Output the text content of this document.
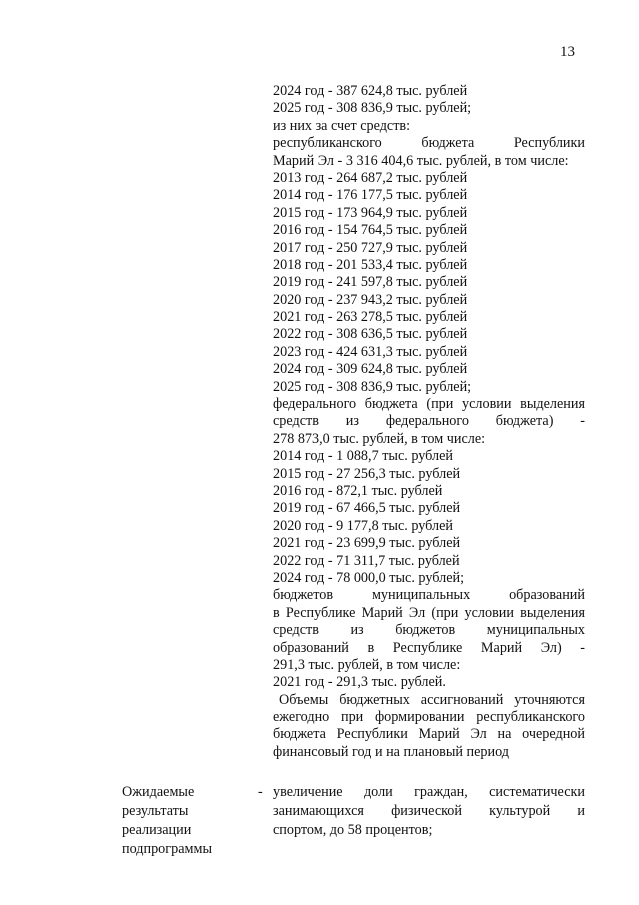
13
2024 год - 387 624,8 тыс. рублей
2025 год - 308 836,9 тыс. рублей;
из них за счет средств:
республиканского бюджета Республики
Марий Эл - 3 316 404,6 тыс. рублей, в том числе:
2013 год - 264 687,2 тыс. рублей
2014 год - 176 177,5 тыс. рублей
2015 год - 173 964,9 тыс. рублей
2016 год - 154 764,5 тыс. рублей
2017 год - 250 727,9 тыс. рублей
2018 год - 201 533,4 тыс. рублей
2019 год - 241 597,8 тыс. рублей
2020 год - 237 943,2 тыс. рублей
2021 год - 263 278,5 тыс. рублей
2022 год - 308 636,5 тыс. рублей
2023 год - 424 631,3 тыс. рублей
2024 год - 309 624,8 тыс. рублей
2025 год - 308 836,9 тыс. рублей;
федерального бюджета (при условии выделения
средств из федерального бюджета) -
278 873,0 тыс. рублей, в том числе:
2014 год - 1 088,7 тыс. рублей
2015 год - 27 256,3 тыс. рублей
2016 год - 872,1 тыс. рублей
2019 год - 67 466,5 тыс. рублей
2020 год - 9 177,8 тыс. рублей
2021 год - 23 699,9 тыс. рублей
2022 год - 71 311,7 тыс. рублей
2024 год - 78 000,0 тыс. рублей;
бюджетов муниципальных образований
в Республике Марий Эл (при условии выделения
средств из бюджетов муниципальных
образований в Республике Марий Эл) -
291,3 тыс. рублей, в том числе:
2021 год - 291,3 тыс. рублей.
Объемы бюджетных ассигнований уточняются
ежегодно при формировании республиканского
бюджета Республики Марий Эл на очередной
финансовый год и на плановый период
Ожидаемые
результаты
реализации
подпрограммы
- увеличение доли граждан, систематически
занимающихся физической культурой и
спортом, до 58 процентов;
